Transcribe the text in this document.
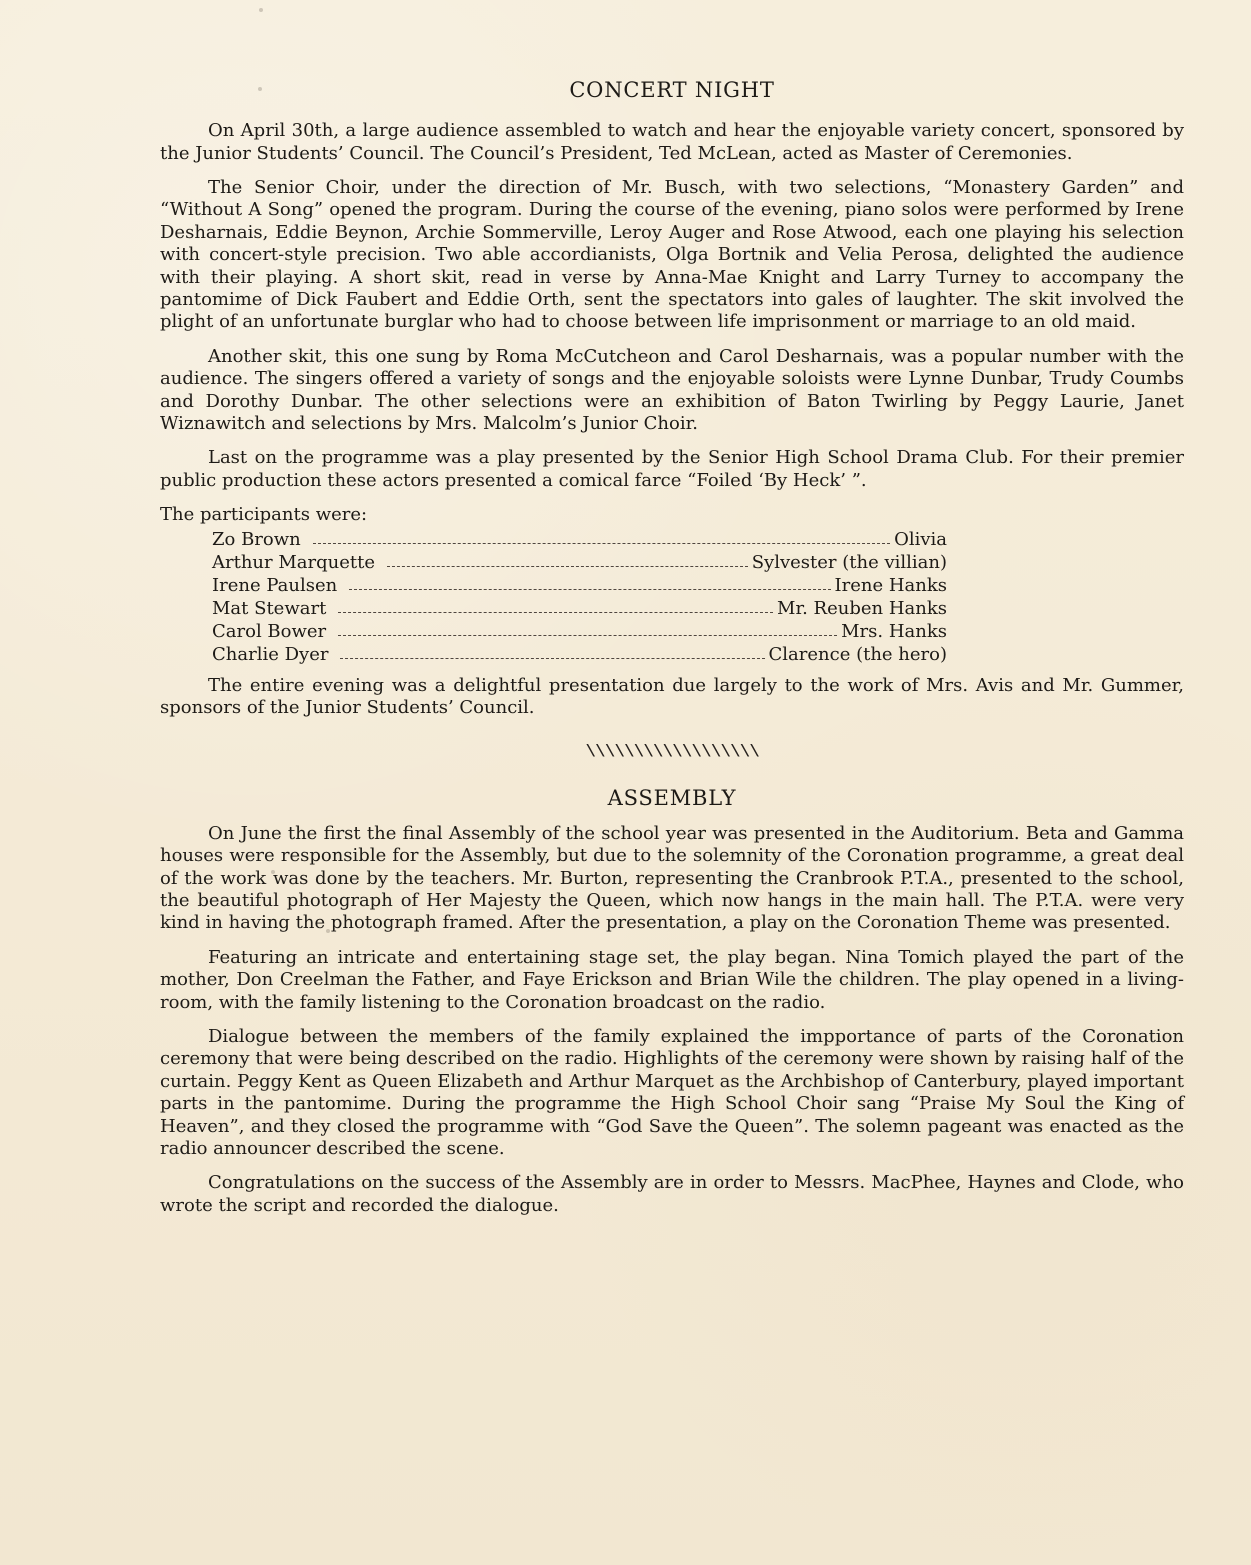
CONCERT NIGHT

On April 30th, a large audience assembled to watch and hear the enjoyable variety concert, sponsored by the Junior Students’ Council. The Council’s President, Ted McLean, acted as Master of Ceremonies.

The Senior Choir, under the direction of Mr. Busch, with two selections, “Monastery Garden” and “Without A Song” opened the program. During the course of the evening, piano solos were performed by Irene Desharnais, Eddie Beynon, Archie Sommerville, Leroy Auger and Rose Atwood, each one playing his selection with concert-style precision. Two able accordianists, Olga Bortnik and Velia Perosa, delighted the audience with their playing. A short skit, read in verse by Anna-Mae Knight and Larry Turney to accompany the pantomime of Dick Faubert and Eddie Orth, sent the spectators into gales of laughter. The skit involved the plight of an unfortunate burglar who had to choose between life imprisonment or marriage to an old maid.

Another skit, this one sung by Roma McCutcheon and Carol Desharnais, was a popular number with the audience. The singers offered a variety of songs and the enjoyable soloists were Lynne Dunbar, Trudy Coumbs and Dorothy Dunbar. The other selections were an exhibition of Baton Twirling by Peggy Laurie, Janet Wiznawitch and selections by Mrs. Malcolm’s Junior Choir.

Last on the programme was a play presented by the Senior High School Drama Club. For their premier public production these actors presented a comical farce “Foiled ‘By Heck’ ”.

The participants were:

Zo Brown	Olivia
Arthur Marquette	Sylvester (the villian)
Irene Paulsen	Irene Hanks
Mat Stewart	Mr. Reuben Hanks
Carol Bower	Mrs. Hanks
Charlie Dyer	Clarence (the hero)

The entire evening was a delightful presentation due largely to the work of Mrs. Avis and Mr. Gummer, sponsors of the Junior Students’ Council.

\\\\\\\\\\\\\\\\\\
ASSEMBLY

On June the first the final Assembly of the school year was presented in the Auditorium. Beta and Gamma houses were responsible for the Assembly, but due to the solemnity of the Coronation programme, a great deal of the work was done by the teachers. Mr. Burton, representing the Cranbrook P.T.A., presented to the school, the beautiful photograph of Her Majesty the Queen, which now hangs in the main hall. The P.T.A. were very kind in having the photograph framed. After the presentation, a play on the Coronation Theme was presented.

Featuring an intricate and entertaining stage set, the play began. Nina Tomich played the part of the mother, Don Creelman the Father, and Faye Erickson and Brian Wile the children. The play opened in a living-room, with the family listening to the Coronation broadcast on the radio.

Dialogue between the members of the family explained the impportance of parts of the Coronation ceremony that were being described on the radio. Highlights of the ceremony were shown by raising half of the curtain. Peggy Kent as Queen Elizabeth and Arthur Marquet as the Archbishop of Canterbury, played important parts in the pantomime. During the programme the High School Choir sang “Praise My Soul the King of Heaven”, and they closed the programme with “God Save the Queen”. The solemn pageant was enacted as the radio announcer described the scene.

Congratulations on the success of the Assembly are in order to Messrs. MacPhee, Haynes and Clode, who wrote the script and recorded the dialogue.
